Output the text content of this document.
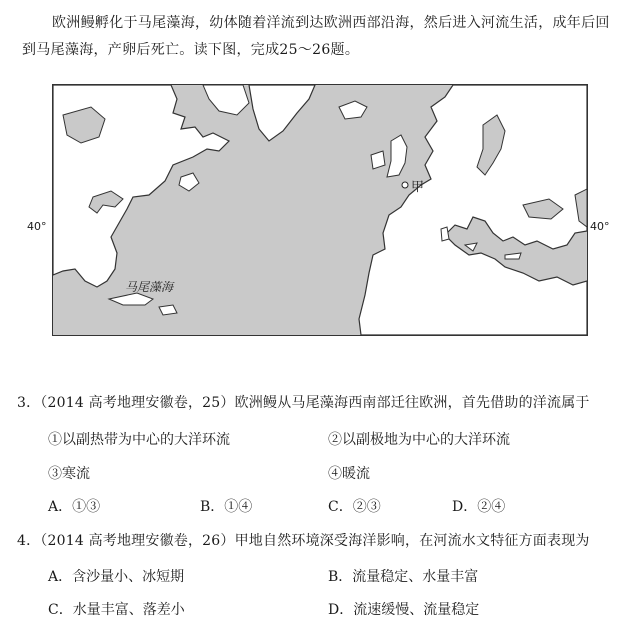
欧洲鳗孵化于马尾藻海，幼体随着洋流到达欧洲西部沿海，然后进入河流生活，成年后回到马尾藻海，产卵后死亡。读下图，完成25～26题。
40°	40°
马尾藻海
甲
3．（2014 高考地理安徽卷，25）欧洲鳗从马尾藻海西南部迁往欧洲，首先借助的洋流属于
①以副热带为中心的大洋环流	②以副极地为中心的大洋环流
③寒流	④暖流
A．①③	B．①④	C．②③	D．②④
4．（2014 高考地理安徽卷，26）甲地自然环境深受海洋影响，在河流水文特征方面表现为
A．含沙量小、冰短期	B．流量稳定、水量丰富
C．水量丰富、落差小	D．流速缓慢、流量稳定
